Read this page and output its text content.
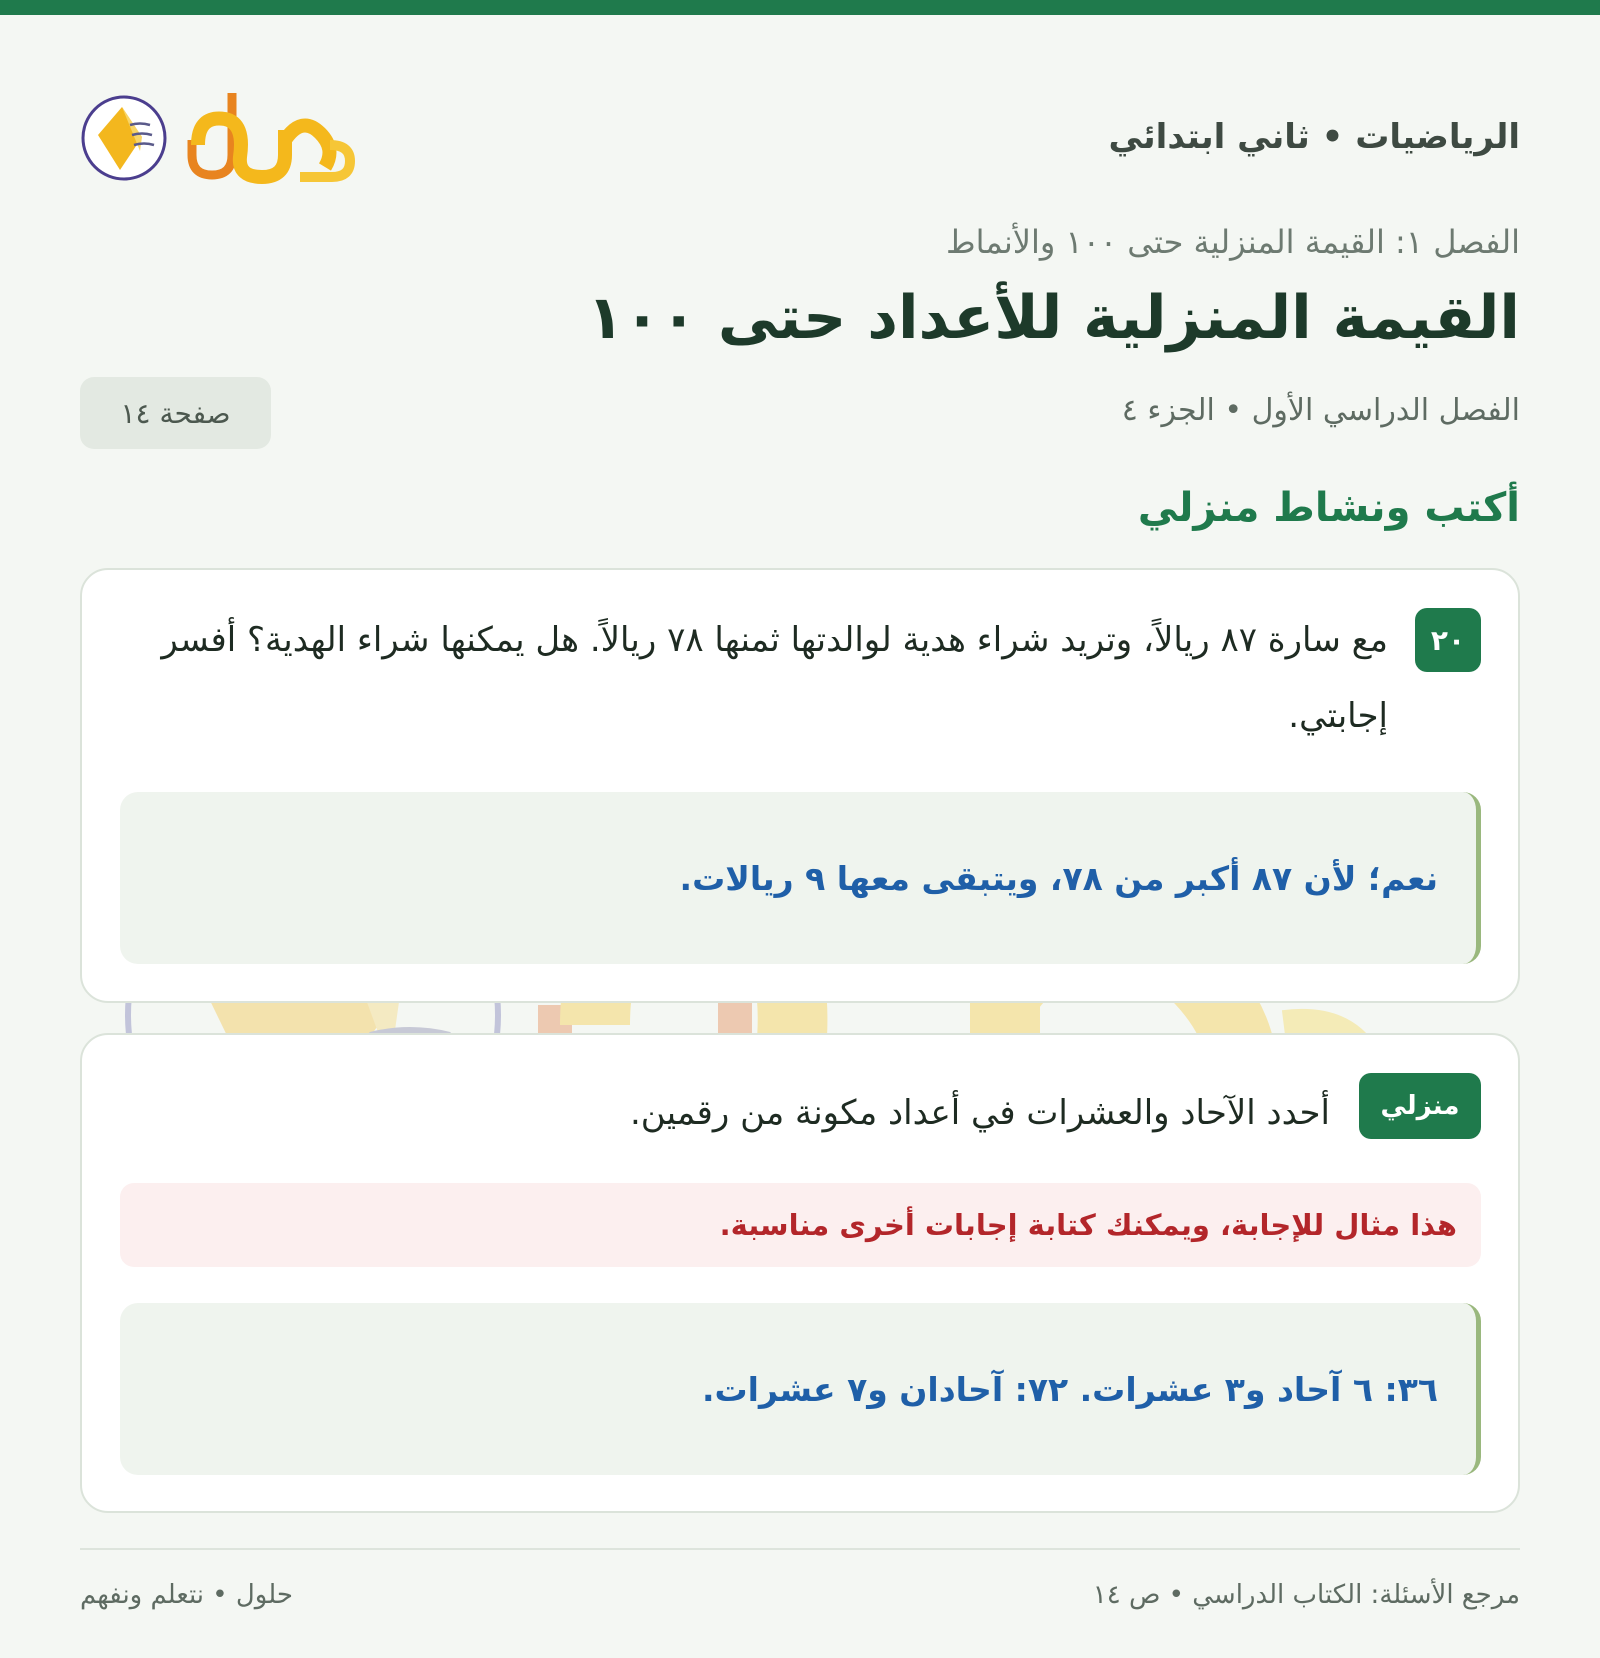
الرياضيات • ثاني ابتدائي
الفصل ١: القيمة المنزلية حتى ١٠٠ والأنماط
القيمة المنزلية للأعداد حتى ١٠٠
الفصل الدراسي الأول • الجزء ٤
صفحة ١٤
أكتب ونشاط منزلي
٢٠

مع سارة ٨٧ ريالاً، وتريد شراء هدية لوالدتها ثمنها ٧٨ ريالاً. هل يمكنها شراء الهدية؟ أفسر إجابتي.

نعم؛ لأن ٨٧ أكبر من ٧٨، ويتبقى معها ٩ ريالات.
منزلي

أحدد الآحاد والعشرات في أعداد مكونة من رقمين.

هذا مثال للإجابة، ويمكنك كتابة إجابات أخرى مناسبة.
٣٦: ٦ آحاد و٣ عشرات. ٧٢: آحادان و٧ عشرات.
مرجع الأسئلة: الكتاب الدراسي • ص ١٤
حلول • نتعلم ونفهم
